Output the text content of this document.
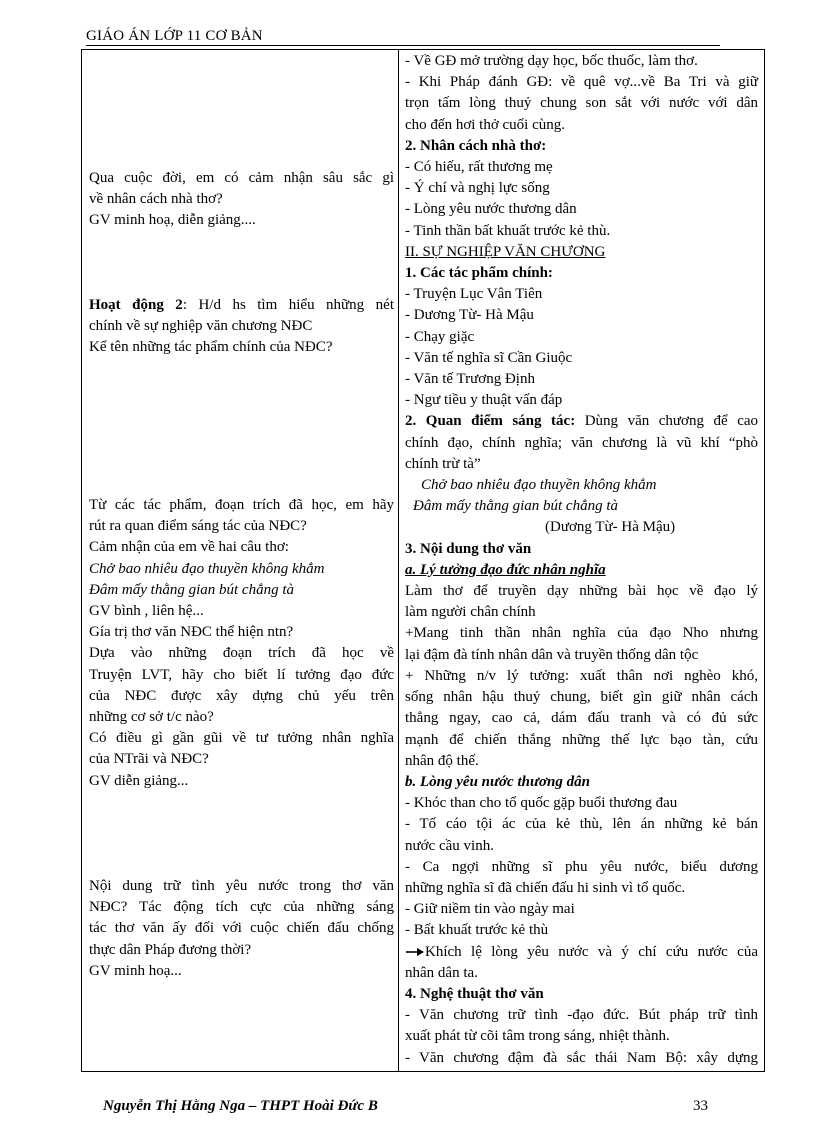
GIÁO ÁN LỚP 11 CƠ BẢN
Qua cuộc đời, em có cảm nhận sâu sắc gì
về nhân cách nhà thơ?
GV minh hoạ, diễn giảng....
Hoạt động 2: H/d hs tìm hiểu những nét
chính về sự nghiệp văn chương NĐC
Kể tên những tác phẩm chính của NĐC?
Từ các tác phẩm, đoạn trích đã học, em hãy
rút ra quan điểm sáng tác của NĐC?
Cảm nhận của em về hai câu thơ:
Chở bao nhiêu đạo thuyền không khẳm
Đâm mấy thằng gian bút chẳng tà
GV bình , liên hệ...
Gía trị thơ văn NĐC thể hiện ntn?
Dựa vào những đoạn trích đã học về
Truyện LVT, hãy cho biết lí tưởng đạo đức
của NĐC được xây dựng chủ yếu trên
những cơ sở t/c nào?
Có điều gì gần gũi về tư tưởng nhân nghĩa
của NTrãi và NĐC?
GV diễn giảng...
Nội dung trữ tình yêu nước trong thơ văn
NĐC? Tác động tích cực của những sáng
tác thơ văn ấy đối với cuộc chiến đấu chống
thực dân Pháp đương thời?
GV minh hoạ...
- Về GĐ mở trường dạy học, bốc thuốc, làm thơ.
- Khi Pháp đánh GĐ: về quê vợ...về Ba Tri và giữ
trọn tấm lòng thuỷ chung son sắt với nước với dân
cho đến hơi thở cuối cùng.
2. Nhân cách nhà thơ:
- Có hiếu, rất thương mẹ
- Ý chí và nghị lực sống
- Lòng yêu nước thương dân
- Tinh thần bất khuất trước kẻ thù.
II. SỰ NGHIỆP VĂN CHƯƠNG
1. Các tác phẩm chính:
- Truyện Lục Vân Tiên
- Dương Từ- Hà Mậu
- Chạy giặc
- Văn tế nghĩa sĩ Cần Giuộc
- Văn tế Trương Định
- Ngư tiều y thuật vấn đáp
2. Quan điểm sáng tác: Dùng văn chương để cao
chính đạo, chính nghĩa; văn chương là vũ khí “phò
chính trừ tà”
Chở bao nhiêu đạo thuyền không khẳm
Đâm mấy thằng gian bút chẳng tà
(Dương Từ- Hà Mậu)
3. Nội dung thơ văn
a. Lý tưởng đạo đức nhân nghĩa
Làm thơ để truyền dạy những bài học về đạo lý
làm người chân chính
+Mang tinh thần nhân nghĩa của đạo Nho nhưng
lại đậm đà tính nhân dân và truyền thống dân tộc
+ Những n/v lý tưởng: xuất thân nơi nghèo khó,
sống nhân hậu thuỷ chung, biết gìn giữ nhân cách
thẳng ngay, cao cả, dám đấu tranh và có đủ sức
mạnh để chiến thắng những thế lực bạo tàn, cứu
nhân độ thế.
b. Lòng yêu nước thương dân
- Khóc than cho tổ quốc gặp buổi thương đau
- Tố cáo tội ác của kẻ thù, lên án những kẻ bán
nước cầu vinh.
- Ca ngợi những sĩ phu yêu nước, biểu dương
những nghĩa sĩ đã chiến đấu hi sinh vì tổ quốc.
- Giữ niềm tin vào ngày mai
- Bất khuất trước kẻ thù
Khích lệ lòng yêu nước và ý chí cứu nước của
nhân dân ta.
4. Nghệ thuật thơ văn
- Văn chương trữ tình -đạo đức. Bút pháp trữ tình
xuất phát từ cõi tâm trong sáng, nhiệt thành.
- Văn chương đậm đà sắc thái Nam Bộ: xây dựng
Nguyễn Thị Hằng Nga – THPT Hoài Đức B	33
